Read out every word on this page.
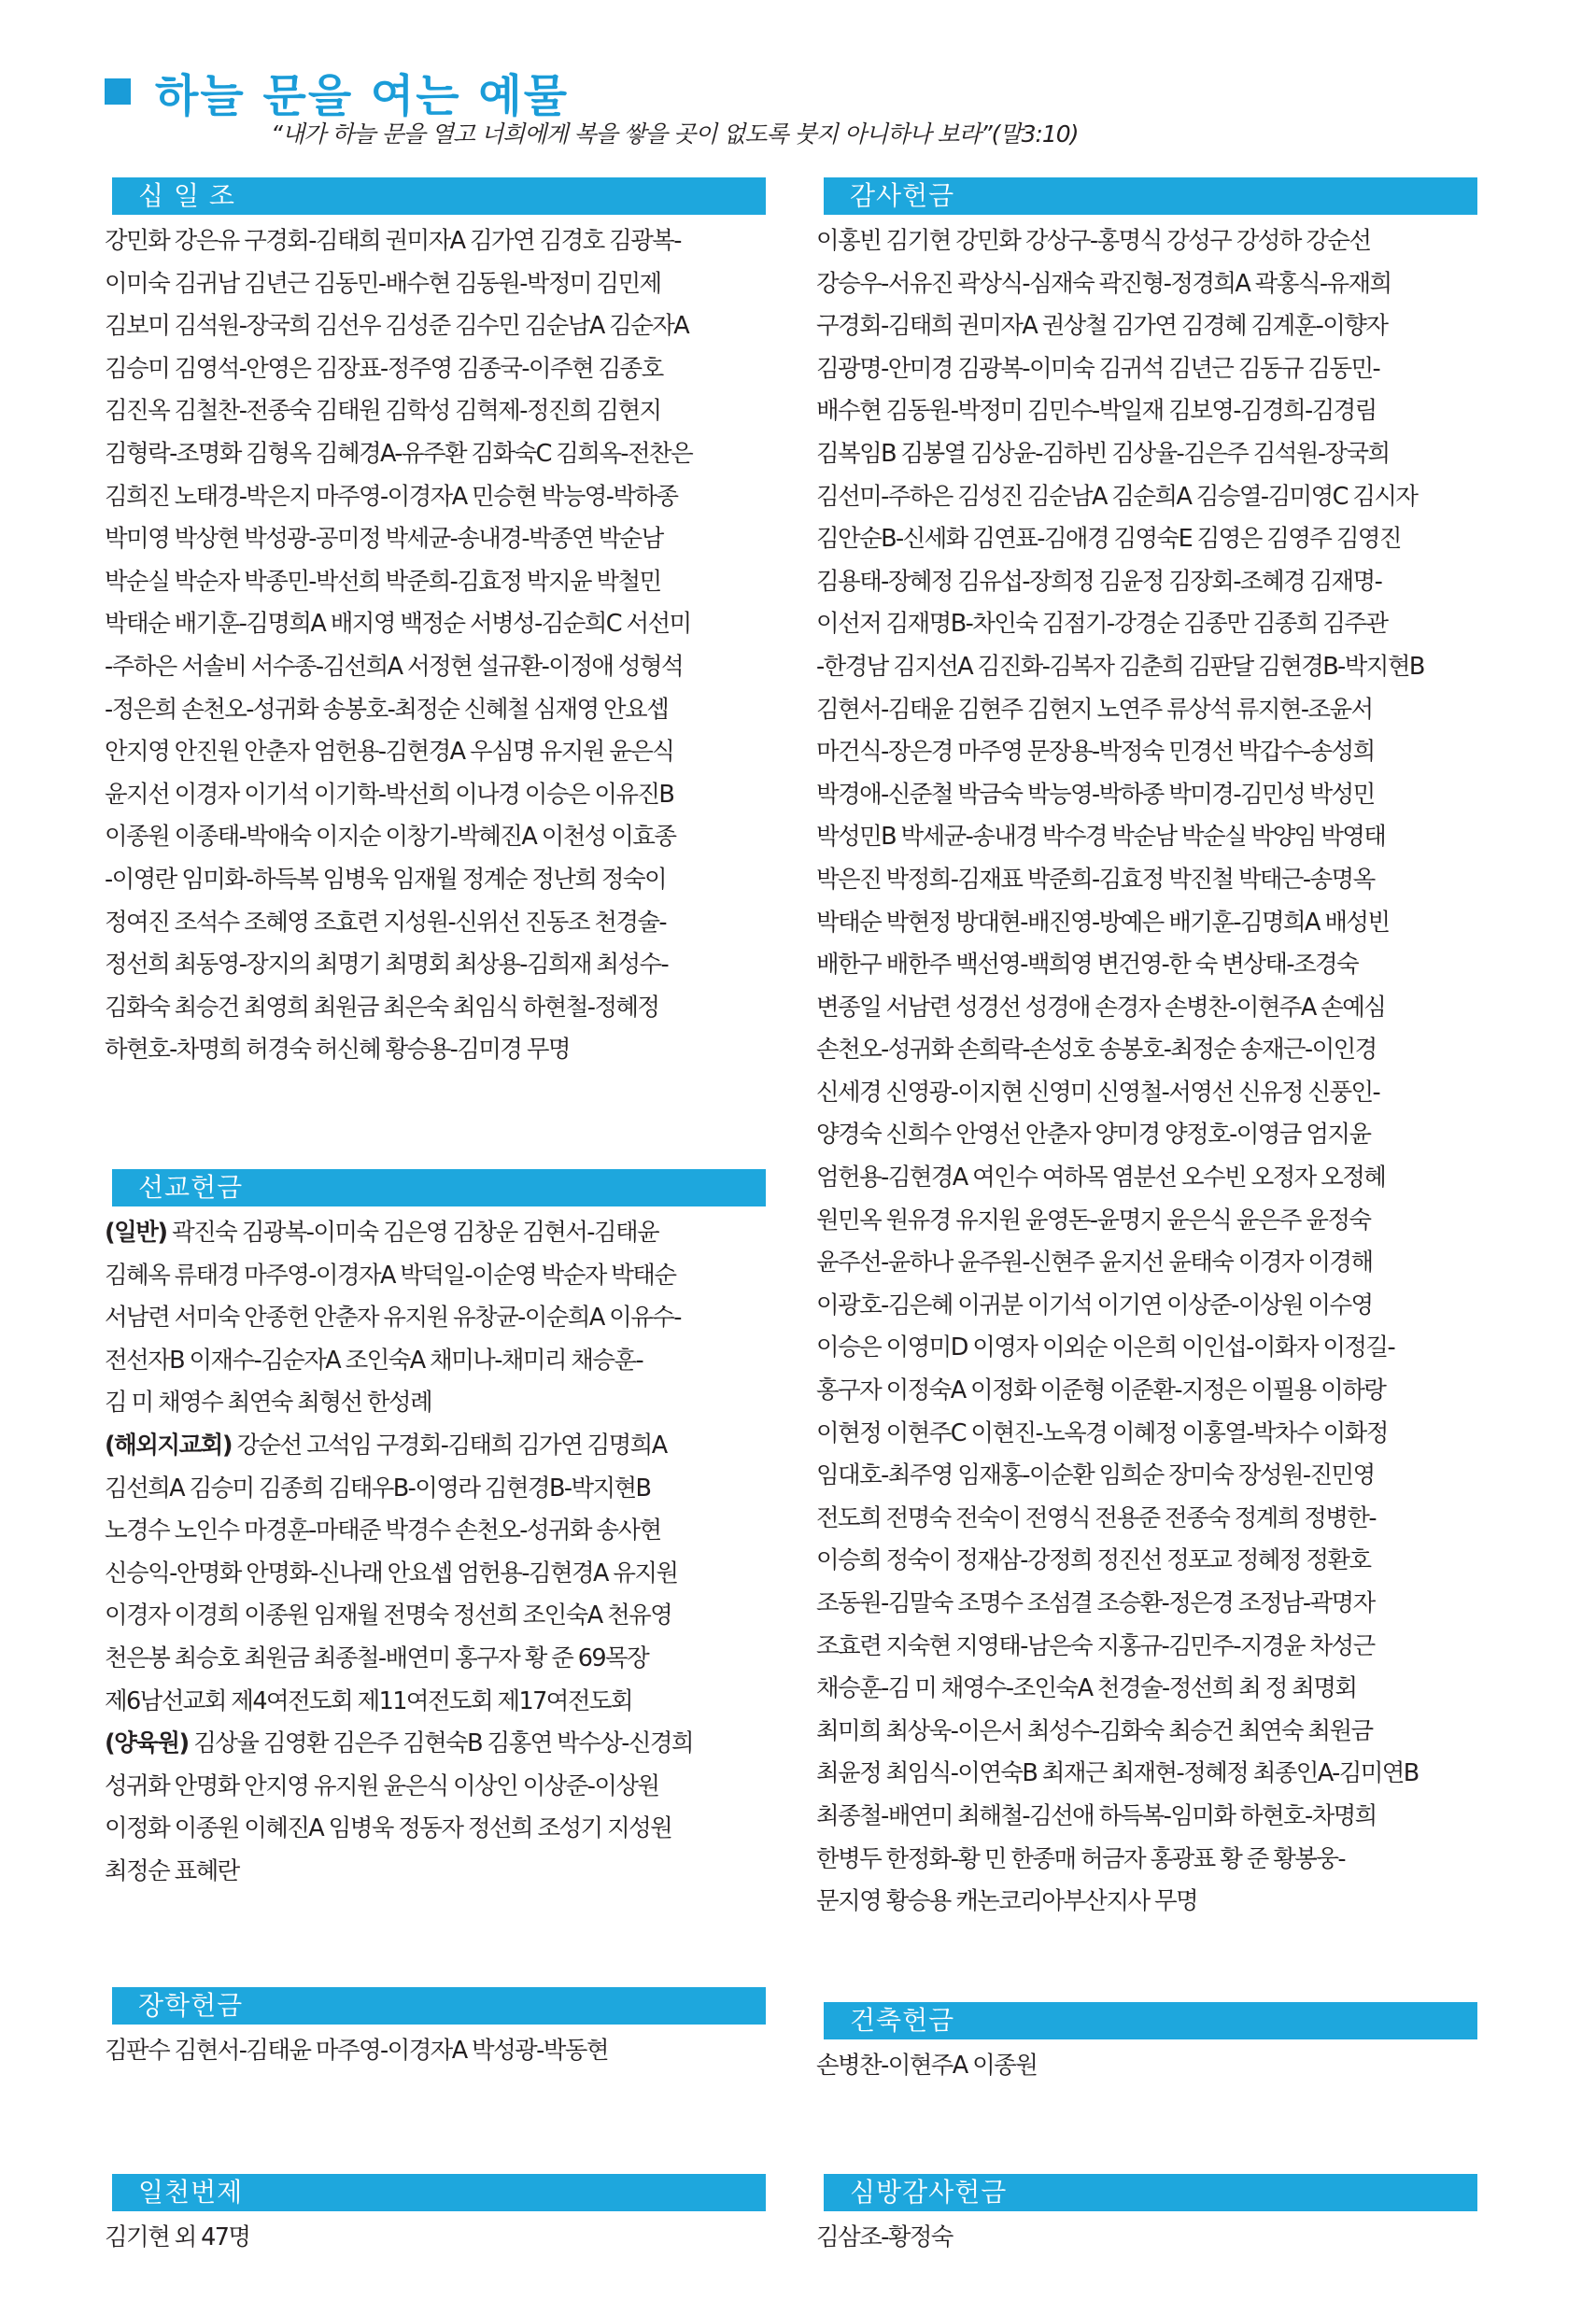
하늘 문을 여는 예물
“내가 하늘 문을 열고 너희에게 복을 쌓을 곳이 없도록 붓지 아니하나 보라”(말3:10)
십 일 조
강민화 강은유 구경회-김태희 권미자A 김가연 김경호 김광복-
이미숙 김귀남 김년근 김동민-배수현 김동원-박정미 김민제
김보미 김석원-장국희 김선우 김성준 김수민 김순남A 김순자A
김승미 김영석-안영은 김장표-정주영 김종국-이주현 김종호
김진옥 김철찬-전종숙 김태원 김학성 김혁제-정진희 김현지
김형락-조명화 김형옥 김혜경A-유주환 김화숙C 김희옥-전찬은
김희진 노태경-박은지 마주영-이경자A 민승현 박능영-박하종
박미영 박상현 박성광-공미정 박세균-송내경-박종연 박순남
박순실 박순자 박종민-박선희 박준희-김효정 박지윤 박철민
박태순 배기훈-김명희A 배지영 백정순 서병성-김순희C 서선미
-주하은 서솔비 서수종-김선희A 서정현 설규환-이정애 성형석
-정은희 손천오-성귀화 송봉호-최정순 신혜철 심재영 안요셉
안지영 안진원 안춘자 엄헌용-김현경A 우심명 유지원 윤은식
윤지선 이경자 이기석 이기학-박선희 이나경 이승은 이유진B
이종원 이종태-박애숙 이지순 이창기-박혜진A 이천성 이효종
-이영란 임미화-하득복 임병욱 임재월 정계순 정난희 정숙이
정여진 조석수 조혜영 조효련 지성원-신위선 진동조 천경술-
정선희 최동영-장지의 최명기 최명회 최상용-김희재 최성수-
김화숙 최승건 최영희 최원금 최은숙 최임식 하현철-정혜정
하현호-차명희 허경숙 허신혜 황승용-김미경 무명
선교헌금
(일반) 곽진숙 김광복-이미숙 김은영 김창운 김현서-김태윤
김혜옥 류태경 마주영-이경자A 박덕일-이순영 박순자 박태순
서남련 서미숙 안종헌 안춘자 유지원 유창균-이순희A 이유수-
전선자B 이재수-김순자A 조인숙A 채미나-채미리 채승훈-
김 미 채영수 최연숙 최형선 한성례
(해외지교회) 강순선 고석임 구경회-김태희 김가연 김명희A
김선희A 김승미 김종희 김태우B-이영라 김현경B-박지현B
노경수 노인수 마경훈-마태준 박경수 손천오-성귀화 송사현
신승익-안명화 안명화-신나래 안요셉 엄헌용-김현경A 유지원
이경자 이경희 이종원 임재월 전명숙 정선희 조인숙A 천유영
천은봉 최승호 최원금 최종철-배연미 홍구자 황 준 69목장
제6남선교회 제4여전도회 제11여전도회 제17여전도회
(양육원) 김상율 김영환 김은주 김현숙B 김홍연 박수상-신경희
성귀화 안명화 안지영 유지원 윤은식 이상인 이상준-이상원
이정화 이종원 이혜진A 임병욱 정동자 정선희 조성기 지성원
최정순 표혜란
장학헌금
김판수 김현서-김태윤 마주영-이경자A 박성광-박동현
일천번제
김기현 외 47명
감사헌금
이홍빈 김기현 강민화 강상구-홍명식 강성구 강성하 강순선
강승우-서유진 곽상식-심재숙 곽진형-정경희A 곽홍식-유재희
구경회-김태희 권미자A 권상철 김가연 김경혜 김계훈-이향자
김광명-안미경 김광복-이미숙 김귀석 김년근 김동규 김동민-
배수현 김동원-박정미 김민수-박일재 김보영-김경희-김경림
김복임B 김봉열 김상윤-김하빈 김상율-김은주 김석원-장국희
김선미-주하은 김성진 김순남A 김순희A 김승열-김미영C 김시자
김안순B-신세화 김연표-김애경 김영숙E 김영은 김영주 김영진
김용태-장혜정 김유섭-장희정 김윤정 김장회-조혜경 김재명-
이선저 김재명B-차인숙 김점기-강경순 김종만 김종희 김주관
-한경남 김지선A 김진화-김복자 김춘희 김판달 김현경B-박지현B
김현서-김태윤 김현주 김현지 노연주 류상석 류지현-조윤서
마건식-장은경 마주영 문장용-박정숙 민경선 박갑수-송성희
박경애-신준철 박금숙 박능영-박하종 박미경-김민성 박성민
박성민B 박세균-송내경 박수경 박순남 박순실 박양임 박영태
박은진 박정희-김재표 박준희-김효정 박진철 박태근-송명옥
박태순 박현정 방대현-배진영-방예은 배기훈-김명희A 배성빈
배한구 배한주 백선영-백희영 변건영-한 숙 변상태-조경숙
변종일 서남련 성경선 성경애 손경자 손병찬-이현주A 손예심
손천오-성귀화 손희락-손성호 송봉호-최정순 송재근-이인경
신세경 신영광-이지현 신영미 신영철-서영선 신유정 신풍인-
양경숙 신희수 안영선 안춘자 양미경 양정호-이영금 엄지윤
엄헌용-김현경A 여인수 여하목 염분선 오수빈 오정자 오정혜
원민옥 원유경 유지원 윤영돈-윤명지 윤은식 윤은주 윤정숙
윤주선-윤하나 윤주원-신현주 윤지선 윤태숙 이경자 이경해
이광호-김은혜 이귀분 이기석 이기연 이상준-이상원 이수영
이승은 이영미D 이영자 이외순 이은희 이인섭-이화자 이정길-
홍구자 이정숙A 이정화 이준형 이준환-지정은 이필용 이하랑
이현정 이현주C 이현진-노옥경 이혜정 이홍열-박차수 이화정
임대호-최주영 임재홍-이순환 임희순 장미숙 장성원-진민영
전도희 전명숙 전숙이 전영식 전용준 전종숙 정계희 정병한-
이승희 정숙이 정재삼-강정희 정진선 정포교 정혜정 정환호
조동원-김말숙 조명수 조섬결 조승환-정은경 조정남-곽명자
조효련 지숙현 지영태-남은숙 지홍규-김민주-지경윤 차성근
채승훈-김 미 채영수-조인숙A 천경술-정선희 최 정 최명회
최미희 최상욱-이은서 최성수-김화숙 최승건 최연숙 최원금
최윤정 최임식-이연숙B 최재근 최재현-정혜정 최종인A-김미연B
최종철-배연미 최해철-김선애 하득복-임미화 하현호-차명희
한병두 한정화-황 민 한종매 허금자 홍광표 황 준 황봉웅-
문지영 황승용 캐논코리아부산지사 무명
건축헌금
손병찬-이현주A 이종원
심방감사헌금
김삼조-황정숙
